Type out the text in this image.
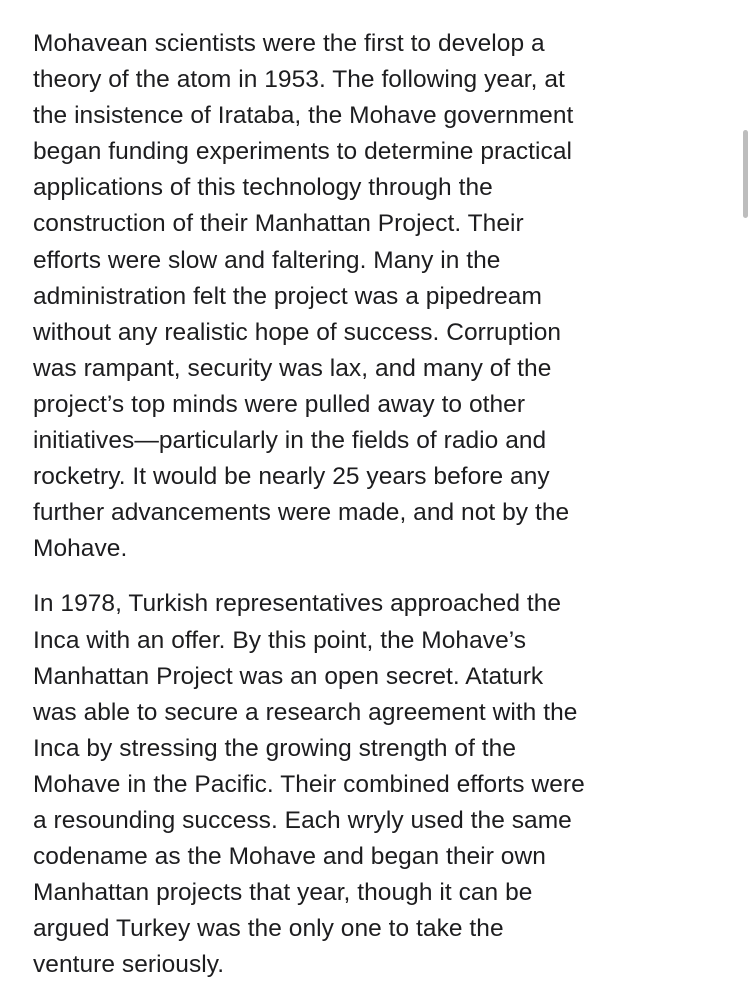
Mohavean scientists were the first to develop a
theory of the atom in 1953. The following year, at
the insistence of Irataba, the Mohave government
began funding experiments to determine practical
applications of this technology through the
construction of their Manhattan Project. Their
efforts were slow and faltering. Many in the
administration felt the project was a pipedream
without any realistic hope of success. Corruption
was rampant, security was lax, and many of the
project’s top minds were pulled away to other
initiatives—particularly in the fields of radio and
rocketry. It would be nearly 25 years before any
further advancements were made, and not by the
Mohave.

In 1978, Turkish representatives approached the
Inca with an offer. By this point, the Mohave’s
Manhattan Project was an open secret. Ataturk
was able to secure a research agreement with the
Inca by stressing the growing strength of the
Mohave in the Pacific. Their combined efforts were
a resounding success. Each wryly used the same
codename as the Mohave and began their own
Manhattan projects that year, though it can be
argued Turkey was the only one to take the
venture seriously.
